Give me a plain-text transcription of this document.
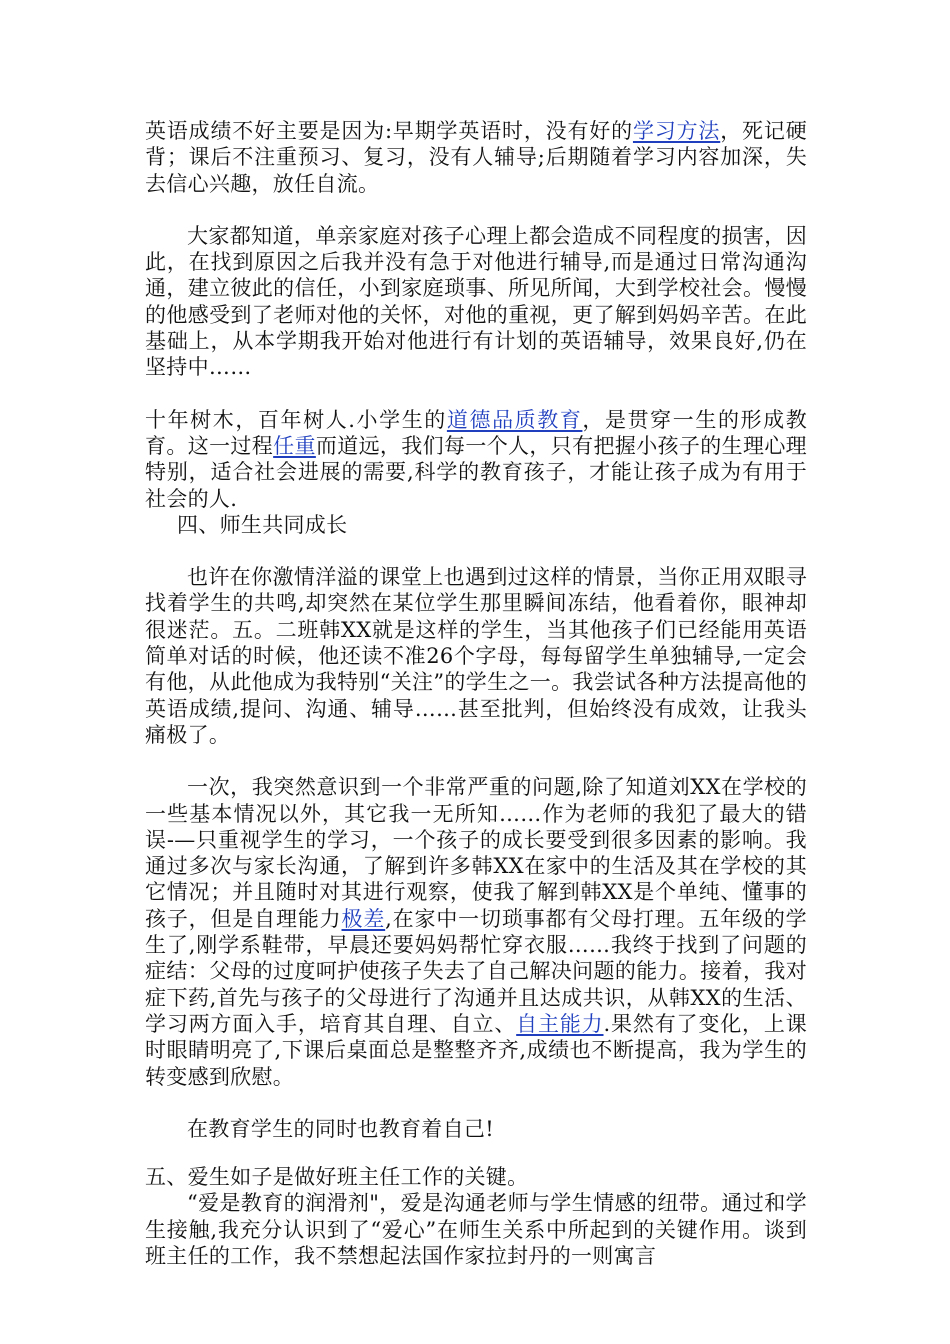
英语成绩不好主要是因为:早期学英语时，没有好的学习方法，死记硬背；课后不注重预习、复习，没有人辅导;后期随着学习内容加深，失去信心兴趣，放任自流。

大家都知道，单亲家庭对孩子心理上都会造成不同程度的损害，因此，在找到原因之后我并没有急于对他进行辅导,而是通过日常沟通沟通，建立彼此的信任，小到家庭琐事、所见所闻，大到学校社会。慢慢的他感受到了老师对他的关怀，对他的重视，更了解到妈妈辛苦。在此基础上，从本学期我开始对他进行有计划的英语辅导，效果良好,仍在坚持中……

十年树木，百年树人.小学生的道德品质教育，是贯穿一生的形成教育。这一过程任重而道远，我们每一个人，只有把握小孩子的生理心理特别，适合社会进展的需要,科学的教育孩子，才能让孩子成为有用于社会的人.

四、师生共同成长

也许在你激情洋溢的课堂上也遇到过这样的情景，当你正用双眼寻找着学生的共鸣,却突然在某位学生那里瞬间冻结，他看着你，眼神却很迷茫。五。二班韩XX就是这样的学生，当其他孩子们已经能用英语简单对话的时候，他还读不准26个字母，每每留学生单独辅导,一定会有他，从此他成为我特别“关注”的学生之一。我尝试各种方法提高他的英语成绩,提问、沟通、辅导……甚至批判，但始终没有成效，让我头痛极了。

一次，我突然意识到一个非常严重的问题,除了知道刘XX在学校的一些基本情况以外，其它我一无所知……作为老师的我犯了最大的错误-—只重视学生的学习，一个孩子的成长要受到很多因素的影响。我通过多次与家长沟通，了解到许多韩XX在家中的生活及其在学校的其它情况；并且随时对其进行观察，使我了解到韩XX是个单纯、懂事的孩子，但是自理能力极差,在家中一切琐事都有父母打理。五年级的学生了,刚学系鞋带，早晨还要妈妈帮忙穿衣服……我终于找到了问题的症结：父母的过度呵护使孩子失去了自己解决问题的能力。接着，我对症下药,首先与孩子的父母进行了沟通并且达成共识，从韩XX的生活、学习两方面入手，培育其自理、自立、自主能力.果然有了变化，上课时眼睛明亮了,下课后桌面总是整整齐齐,成绩也不断提高，我为学生的转变感到欣慰。

在教育学生的同时也教育着自己!

五、爱生如子是做好班主任工作的关键。

“爱是教育的润滑剂"，爱是沟通老师与学生情感的纽带。通过和学生接触,我充分认识到了“爱心”在师生关系中所起到的关键作用。谈到班主任的工作，我不禁想起法国作家拉封丹的一则寓言
